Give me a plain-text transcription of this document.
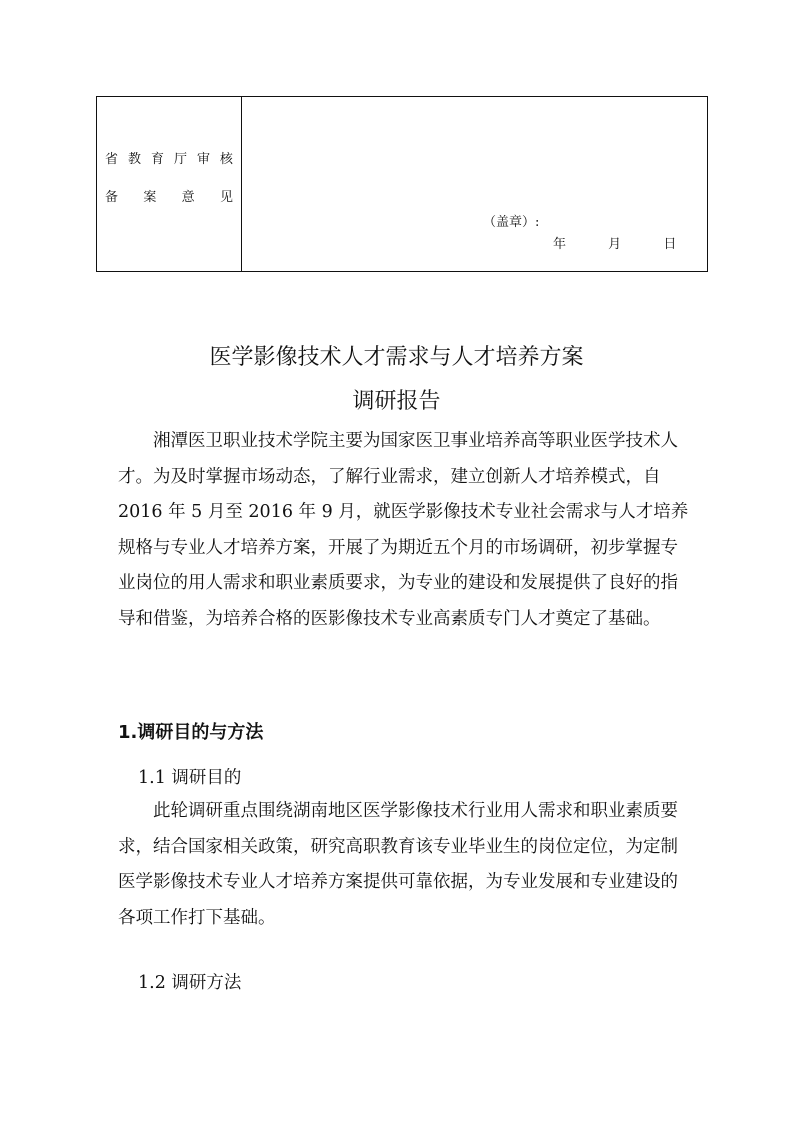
省 教 育 厅 审 核
备 案 意 见
（盖章）:
年	月	日
医学影像技术人才需求与人才培养方案
调研报告

湘潭医卫职业技术学院主要为国家医卫事业培养高等职业医学技术人才。为及时掌握市场动态，了解行业需求，建立创新人才培养模式，自 2016 年 5 月至 2016 年 9 月，就医学影像技术专业社会需求与人才培养规格与专业人才培养方案，开展了为期近五个月的市场调研，初步掌握专业岗位的用人需求和职业素质要求，为专业的建设和发展提供了良好的指导和借鉴，为培养合格的医影像技术专业高素质专门人才奠定了基础。

1.调研目的与方法

1.1 调研目的

此轮调研重点围绕湖南地区医学影像技术行业用人需求和职业素质要求，结合国家相关政策，研究高职教育该专业毕业生的岗位定位，为定制医学影像技术专业人才培养方案提供可靠依据，为专业发展和专业建设的各项工作打下基础。

1.2 调研方法
